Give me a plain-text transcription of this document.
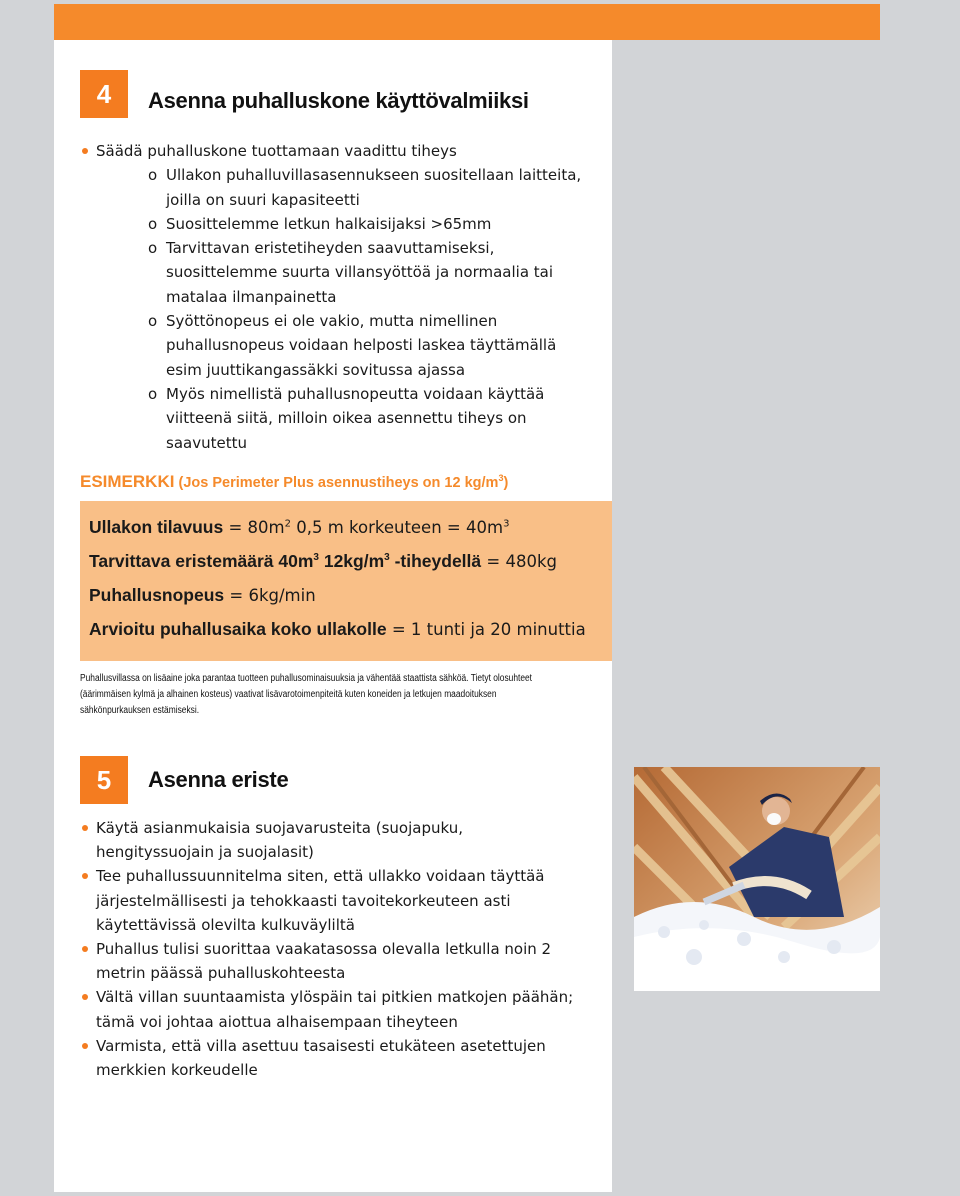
4	Asenna puhalluskone käyttövalmiiksi
Säädä puhalluskone tuottamaan vaadittu tiheys
o Ullakon puhalluvillasasennukseen suositellaan laitteita,
joilla on suuri kapasiteetti
o Suosittelemme letkun halkaisijaksi >65mm
o Tarvittavan eristetiheyden saavuttamiseksi,
suosittelemme suurta villansyöttöä ja normaalia tai
matalaa ilmanpainetta
o Syöttönopeus ei ole vakio, mutta nimellinen
puhallusnopeus voidaan helposti laskea täyttämällä
esim juuttikangassäkki sovitussa ajassa
o Myös nimellistä puhallusnopeutta voidaan käyttää
viitteenä siitä, milloin oikea asennettu tiheys on
saavutettu
ESIMERKKI (Jos Perimeter Plus asennustiheys on 12 $kg/m^3$)
Ullakon tilavuus = $80m^2$ 0,5 m korkeuteen = $40m^3$
Tarvittava eristemäärä $40m^3$ $12kg/m^3$ -tiheydellä = 480kg
Puhallusnopeus = 6kg/min
Arvioitu puhallusaika koko ullakolle = 1 tunti ja 20 minuttia
Puhallusvillassa on lisäaine joka parantaa tuotteen puhallusominaisuuksia ja vähentää staattista sähköä. Tietyt olosuhteet
(äärimmäisen kylmä ja alhainen kosteus) vaativat lisävarotoimenpiteitä kuten koneiden ja letkujen maadoituksen
sähkönpurkauksen estämiseksi.
5	Asenna eriste
Käytä asianmukaisia suojavarusteita (suojapuku,
hengityssuojain ja suojalasit)
Tee puhallussuunnitelma siten, että ullakko voidaan täyttää
järjestelmällisesti ja tehokkaasti tavoitekorkeuteen asti
käytettävissä olevilta kulkuväyliltä
Puhallus tulisi suorittaa vaakatasossa olevalla letkulla noin 2
metrin päässä puhalluskohteesta
Vältä villan suuntaamista ylöspäin tai pitkien matkojen päähän;
tämä voi johtaa aiottua alhaisempaan tiheyteen
Varmista, että villa asettuu tasaisesti etukäteen asetettujen
merkkien korkeudelle
